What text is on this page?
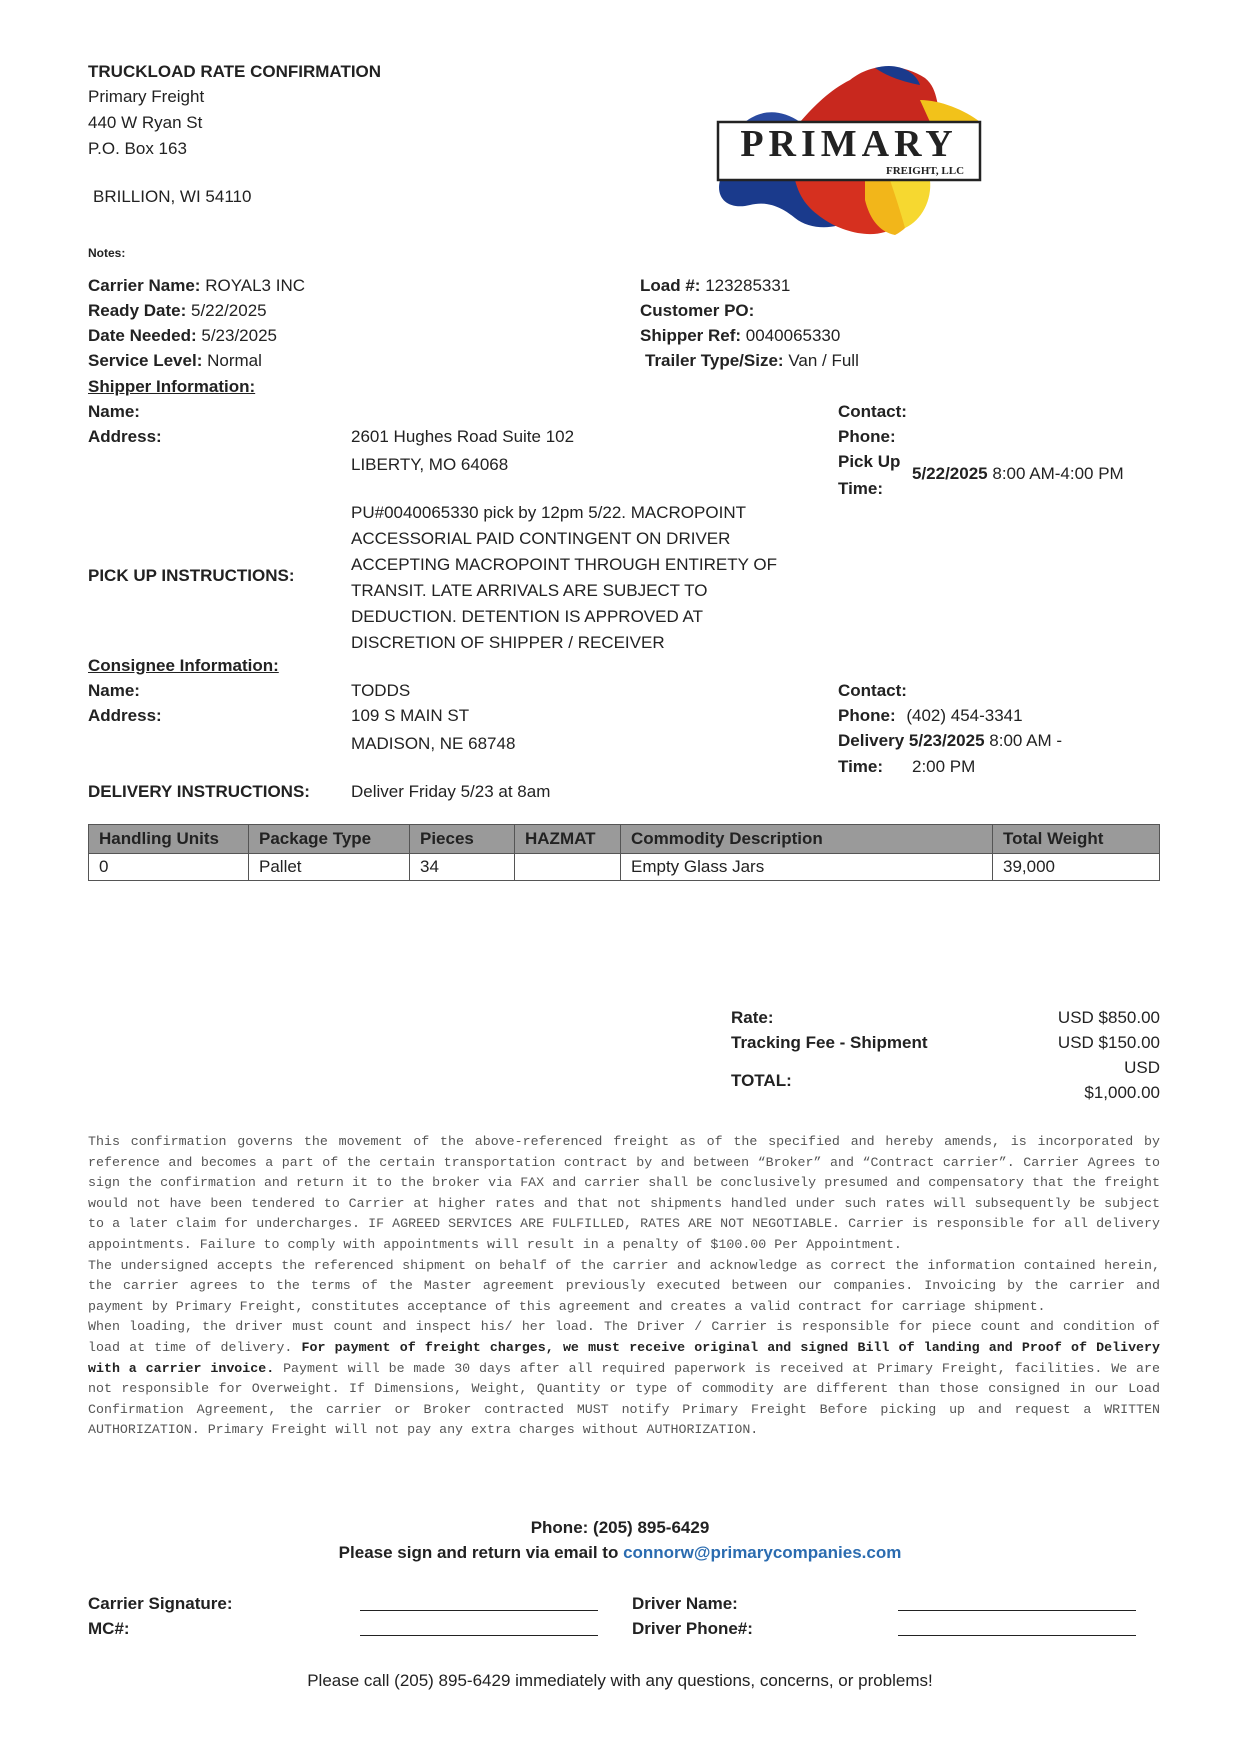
TRUCKLOAD RATE CONFIRMATION
Primary Freight
440 W Ryan St
P.O. Box 163
BRILLION, WI 54110
Notes:
PRIMARY
FREIGHT, LLC
Carrier Name: ROYAL3 INC
Ready Date: 5/22/2025
Date Needed: 5/23/2025
Service Level: Normal
Load #: 123285331
Customer PO:
Shipper Ref: 0040065330
Trailer Type/Size: Van / Full
Shipper Information:
Name:
Address:	2601 Hughes Road Suite 102
LIBERTY, MO 64068
Contact:
Phone:
Pick Up
Time:
5/22/2025 8:00 AM-4:00 PM
PICK UP INSTRUCTIONS:
PU#0040065330 pick by 12pm 5/22. MACROPOINT
ACCESSORIAL PAID CONTINGENT ON DRIVER
ACCEPTING MACROPOINT THROUGH ENTIRETY OF
TRANSIT. LATE ARRIVALS ARE SUBJECT TO
DEDUCTION. DETENTION IS APPROVED AT
DISCRETION OF SHIPPER / RECEIVER
Consignee Information:
Name:	TODDS
Address:	109 S MAIN ST
MADISON, NE 68748
Contact:
Phone: (402) 454-3341
Delivery 5/23/2025 8:00 AM -
Time: 2:00 PM
DELIVERY INSTRUCTIONS: Deliver Friday 5/23 at 8am
Handling Units	Package Type	Pieces	HAZMAT	Commodity Description	Total Weight
0	Pallet	34		Empty Glass Jars	39,000
Rate:	USD $850.00
Tracking Fee - Shipment	USD $150.00
TOTAL:
USD
$1,000.00

This confirmation governs the movement of the above-referenced freight as of the specified and hereby amends, is incorporated by reference and becomes a part of the certain transportation contract by and between “Broker” and “Contract carrier”. Carrier Agrees to sign the confirmation and return it to the broker via FAX and carrier shall be conclusively presumed and compensatory that the freight would not have been tendered to Carrier at higher rates and that not shipments handled under such rates will subsequently be subject to a later claim for undercharges. IF AGREED SERVICES ARE FULFILLED, RATES ARE NOT NEGOTIABLE. Carrier is responsible for all delivery appointments. Failure to comply with appointments will result in a penalty of $100.00 Per Appointment.

The undersigned accepts the referenced shipment on behalf of the carrier and acknowledge as correct the information contained herein, the carrier agrees to the terms of the Master agreement previously executed between our companies. Invoicing by the carrier and payment by Primary Freight, constitutes acceptance of this agreement and creates a valid contract for carriage shipment.

When loading, the driver must count and inspect his/ her load. The Driver / Carrier is responsible for piece count and condition of load at time of delivery. For payment of freight charges, we must receive original and signed Bill of landing and Proof of Delivery with a carrier invoice. Payment will be made 30 days after all required paperwork is received at Primary Freight, facilities. We are not responsible for Overweight. If Dimensions, Weight, Quantity or type of commodity are different than those consigned in our Load Confirmation Agreement, the carrier or Broker contracted MUST notify Primary Freight Before picking up and request a WRITTEN AUTHORIZATION. Primary Freight will not pay any extra charges without AUTHORIZATION.

Phone: (205) 895-6429
Please sign and return via email to connorw@primarycompanies.com
Carrier Signature:
MC#:
Driver Name:
Driver Phone#:
Please call (205) 895-6429 immediately with any questions, concerns, or problems!
